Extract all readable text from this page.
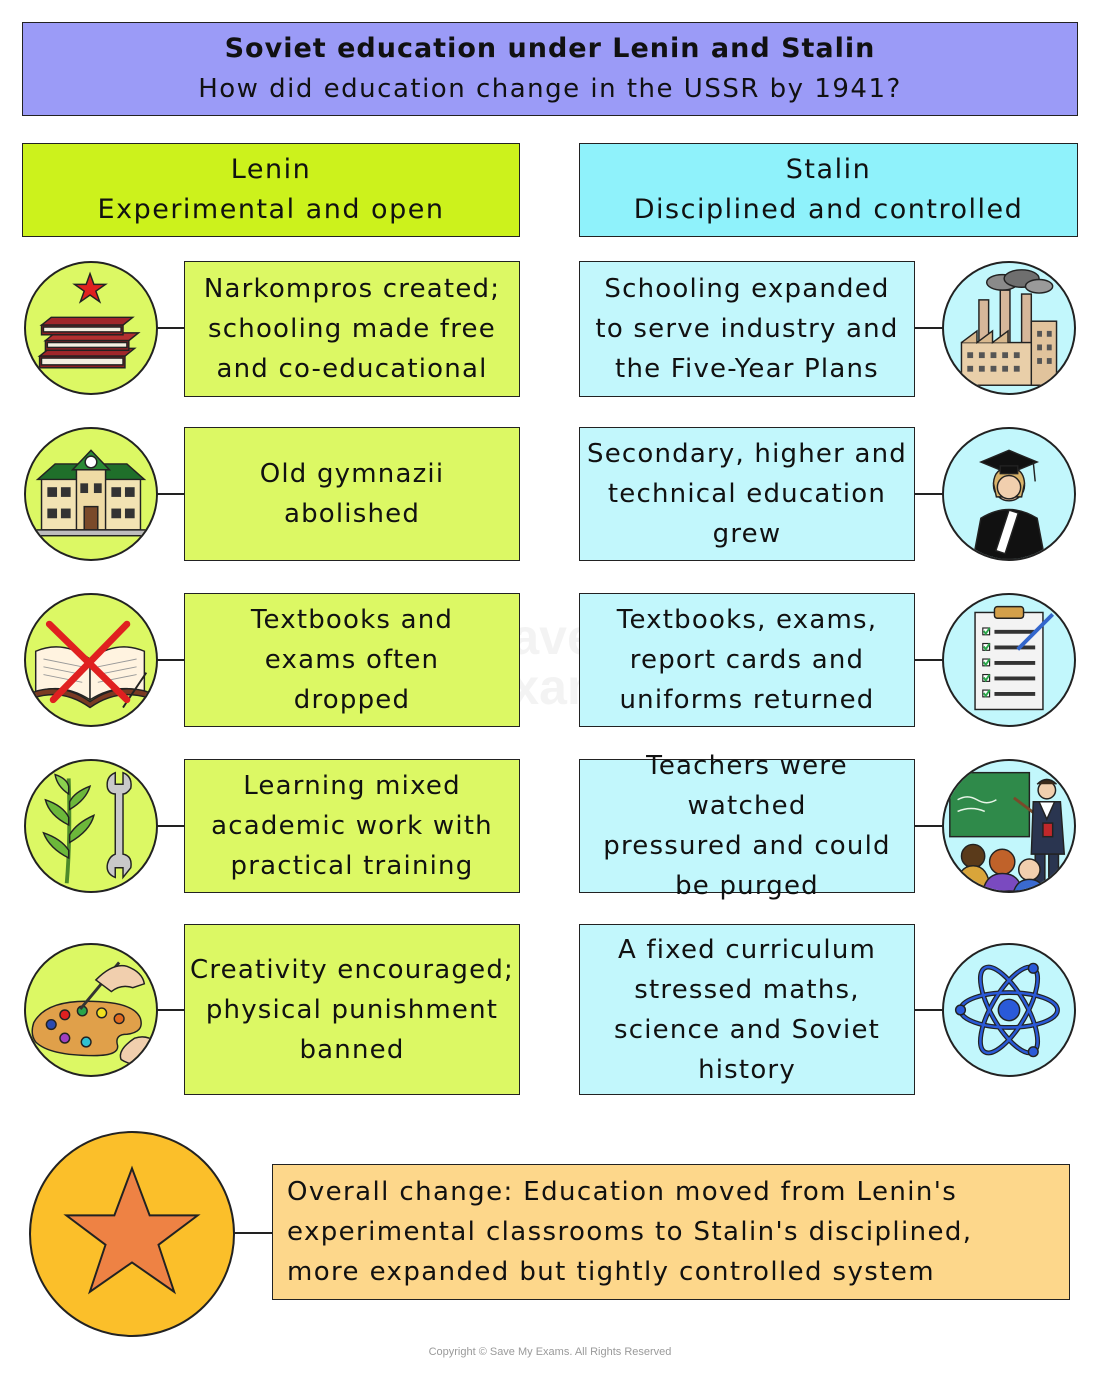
Soviet education under Lenin and Stalin
How did education change in the USSR by 1941?
Lenin
Experimental and open
Stalin
Disciplined and controlled
Narkompros created;
schooling made free
and co-educational
Schooling expanded
to serve industry and
the Five-Year Plans
Old gymnazii
abolished
Secondary, higher and
technical education
grew
Textbooks and
exams often
dropped
Textbooks, exams,
report cards and
uniforms returned
Learning mixed
academic work with
practical training
Teachers were watched
pressured and could
be purged
Creativity encouraged;
physical punishment
banned
A fixed curriculum
stressed maths,
science and Soviet
history
Overall change: Education moved from Lenin's
experimental classrooms to Stalin's disciplined,
more expanded but tightly controlled system
Copyright © Save My Exams. All Rights Reserved
